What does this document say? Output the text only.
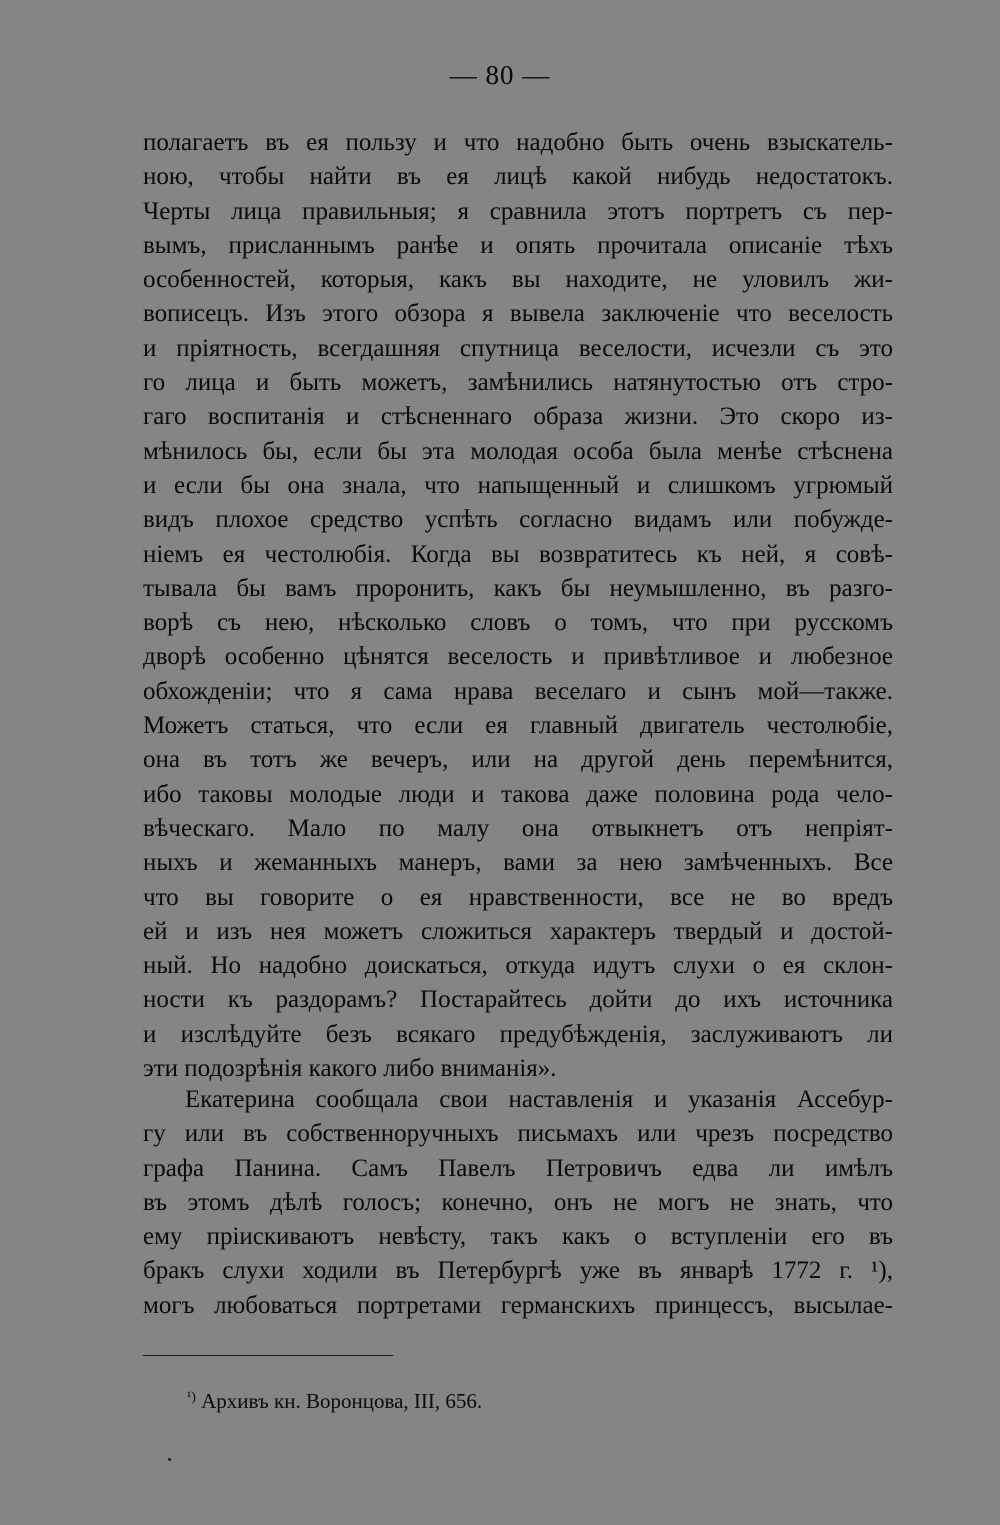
— 80 —
полагаетъ въ ея пользу и что надобно быть очень взыскатель-
ною, чтобы найти въ ея лицѣ какой нибудь недостатокъ.
Черты лица правильныя; я сравнила этотъ портретъ съ пер-
вымъ, присланнымъ ранѣе и опять прочитала описаніе тѣхъ
особенностей, которыя, какъ вы находите, не уловилъ жи-
вописецъ. Изъ этого обзора я вывела заключеніе что веселость
и пріятность, всегдашняя спутница веселости, исчезли съ это
го лица и быть можетъ, замѣнились натянутостью отъ стро-
гаго воспитанія и стѣсненнаго образа жизни. Это скоро из-
мѣнилось бы, если бы эта молодая особа была менѣе стѣснена
и если бы она знала, что напыщенный и слишкомъ угрюмый
видъ плохое средство успѣть согласно видамъ или побужде-
ніемъ ея честолюбія. Когда вы возвратитесь къ ней, я совѣ-
тывала бы вамъ проронить, какъ бы неумышленно, въ разго-
ворѣ съ нею, нѣсколько словъ о томъ, что при русскомъ
дворѣ особенно цѣнятся веселость и привѣтливое и любезное
обхожденіи; что я сама нрава веселаго и сынъ мой—также.
Можетъ статься, что если ея главный двигатель честолюбіе,
она въ тотъ же вечеръ, или на другой день перемѣнится,
ибо таковы молодые люди и такова даже половина рода чело-
вѣческаго. Мало по малу она отвыкнетъ отъ непріят-
ныхъ и жеманныхъ манеръ, вами за нею замѣченныхъ. Все
что вы говорите о ея нравственности, все не во вредъ
ей и изъ нея можетъ сложиться характеръ твердый и достой-
ный. Но надобно доискаться, откуда идутъ слухи о ея склон-
ности къ раздорамъ? Постарайтесь дойти до ихъ источника
и изслѣдуйте безъ всякаго предубѣжденія, заслуживаютъ ли
эти подозрѣнія какого либо вниманія».
Екатерина сообщала свои наставленія и указанія Ассебур-
гу или въ собственноручныхъ письмахъ или чрезъ посредство
графа Панина. Самъ Павелъ Петровичъ едва ли имѣлъ
въ этомъ дѣлѣ голосъ; конечно, онъ не могъ не знать, что
ему пріискиваютъ невѣсту, такъ какъ о вступленіи его въ
бракъ слухи ходили въ Петербургѣ уже въ январѣ 1772 г. ¹),
могъ любоваться портретами германскихъ принцессъ, высылае-
$^{^1)}$ Архивъ кн. Воронцова, III, 656.
